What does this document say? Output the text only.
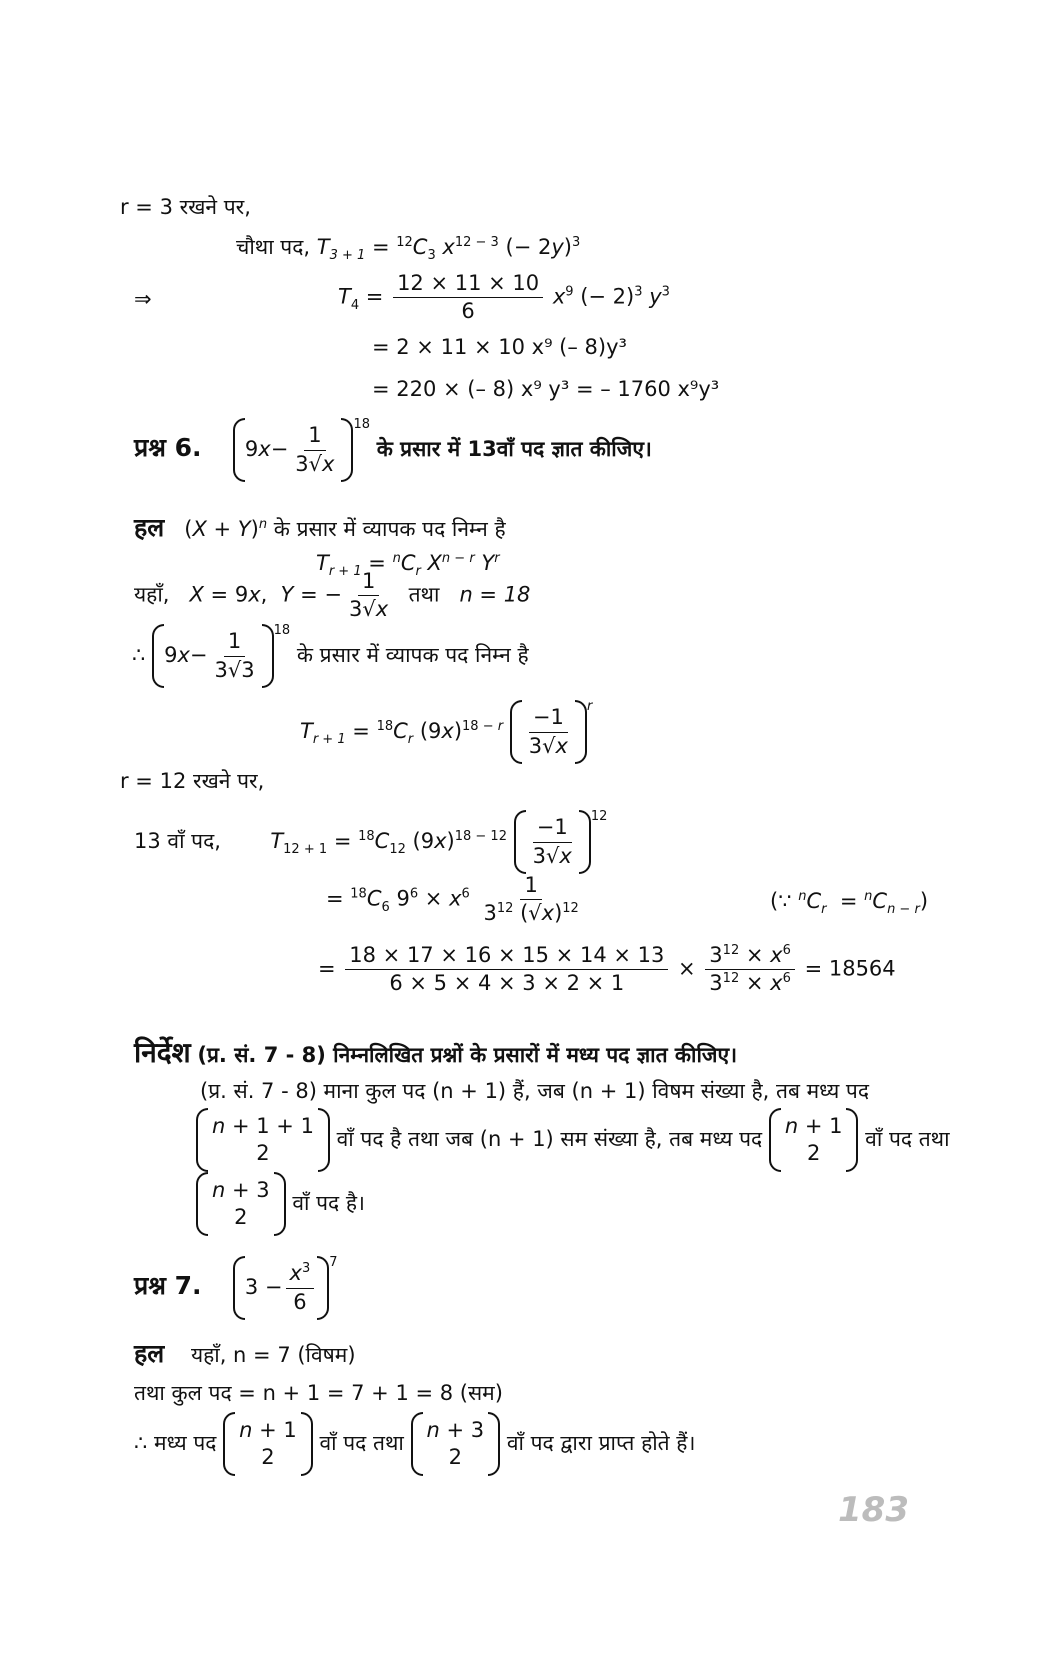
r = 3 रखने पर,
चौथा पद, $T_{3 + 1} = ^{12}C_3$ $x^{12 - 3}$ (− 2y)$^3$
⇒	$T_4 = \frac{12 \times 11 \times 10}{6} x^9$ (− 2)$^3$ $y^3$
= 2 × 11 × 10 x⁹ (– 8)y³
= 220 × (– 8) x⁹ y³ = – 1760 x⁹y³
प्रश्न 6. 9 $x - \frac{1}{3√x} ^{18}$ के प्रसार में 13वाँ पद ज्ञात कीजिए।
हल   $(X + Y)^n$ के प्रसार में व्यापक पद निम्न है
$T_{r + 1} = ^nC_r$ $X^{n - r}$ $Y^r$
यहाँ, X = 9x,  Y = − $\frac{1}{3√x}$ तथा n = 18
∴ 9 $x - \frac{1}{3√3} ^{18}$ के प्रसार में व्यापक पद निम्न है
$T_{r + 1} = ^{18}C_r$ $(9x)^{18 - r} \frac{-1}{3√x} ^r$
r = 12 रखने पर,
13 वाँ पद, $T_{12 + 1} = ^{18}C_{12}$ $(9x)^{18 - 12} \frac{-1}{3√x} ^{12}$
= $^{18}C_6$ $9^6 \times x^6 \frac{1}{3^{12} (√x)^{12}}$	(∵ $^nC_r = ^nC_{n - r}$)
= $\frac{18 \times 17 \times 16 \times 15 \times 14 \times 13}{6 \times 5 \times 4 \times 3 \times 2 \times 1} \times \frac{3^{12} \times x^6}{3^{12} \times x^6} = 18564$
निर्देश (प्र. सं. 7 - 8) निम्नलिखित प्रश्नों के प्रसारों में मध्य पद ज्ञात कीजिए।
(प्र. सं. 7 - 8) माना कुल पद (n + 1) हैं, जब (n + 1) विषम संख्या है, तब मध्य पद
n + 1 + 1
2
वाँ पद है तथा जब (n + 1) सम संख्या है, तब मध्य पद
n + 1
2
वाँ पद तथा
n + 3
2
वाँ पद है।
प्रश्न 7. $3 - \frac{x^3}{6} ^7$
हल यहाँ, n = 7 (विषम)
तथा कुल पद = n + 1 = 7 + 1 = 8 (सम)
∴ मध्य पद
n + 1
2
वाँ पद तथा
n + 3
2
वाँ पद द्वारा प्राप्त होते हैं।
183
